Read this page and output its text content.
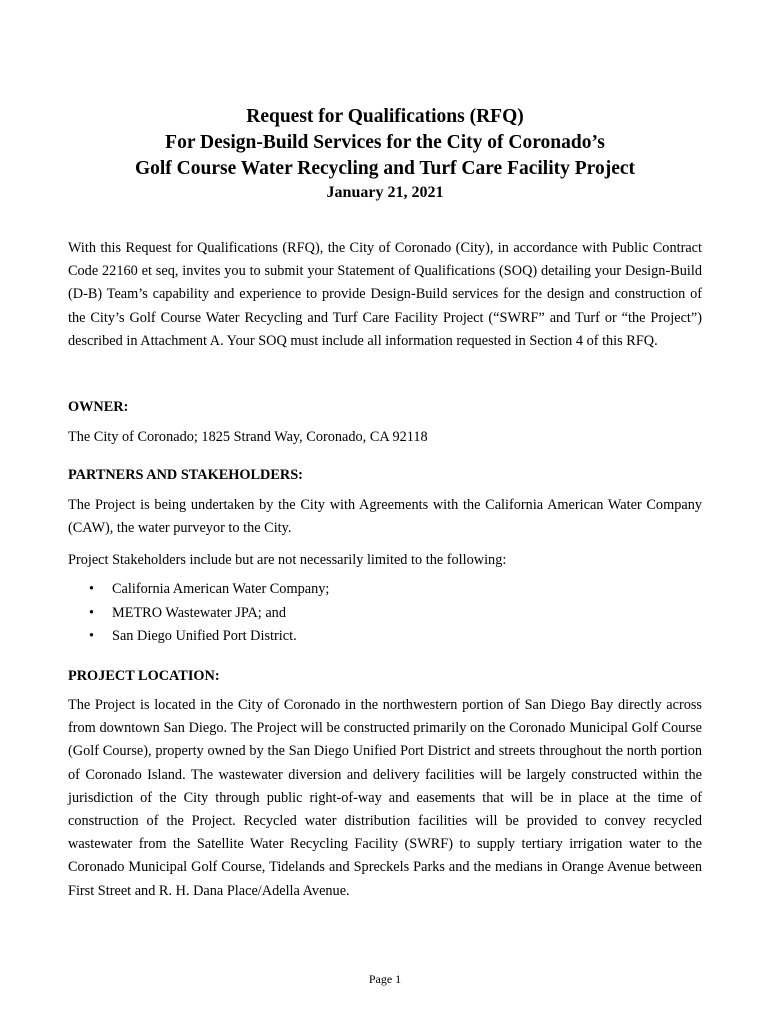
Request for Qualifications (RFQ)

For Design-Build Services for the City of Coronado’s

Golf Course Water Recycling and Turf Care Facility Project

January 21, 2021

With this Request for Qualifications (RFQ), the City of Coronado (City), in accordance with Public Contract Code 22160 et seq, invites you to submit your Statement of Qualifications (SOQ) detailing your Design-Build (D-B) Team’s capability and experience to provide Design-Build services for the design and construction of the City’s Golf Course Water Recycling and Turf Care Facility Project (“SWRF” and Turf or “the Project”) described in Attachment A. Your SOQ must include all information requested in Section 4 of this RFQ.

OWNER:

The City of Coronado; 1825 Strand Way, Coronado, CA 92118

PARTNERS AND STAKEHOLDERS:

The Project is being undertaken by the City with Agreements with the California American Water Company (CAW), the water purveyor to the City.

Project Stakeholders include but are not necessarily limited to the following:

• California American Water Company;
• METRO Wastewater JPA; and
• San Diego Unified Port District.

PROJECT LOCATION:

The Project is located in the City of Coronado in the northwestern portion of San Diego Bay directly across from downtown San Diego. The Project will be constructed primarily on the Coronado Municipal Golf Course (Golf Course), property owned by the San Diego Unified Port District and streets throughout the north portion of Coronado Island. The wastewater diversion and delivery facilities will be largely constructed within the jurisdiction of the City through public right-of-way and easements that will be in place at the time of construction of the Project. Recycled water distribution facilities will be provided to convey recycled wastewater from the Satellite Water Recycling Facility (SWRF) to supply tertiary irrigation water to the Coronado Municipal Golf Course, Tidelands and Spreckels Parks and the medians in Orange Avenue between First Street and R. H. Dana Place/Adella Avenue.

Page 1
